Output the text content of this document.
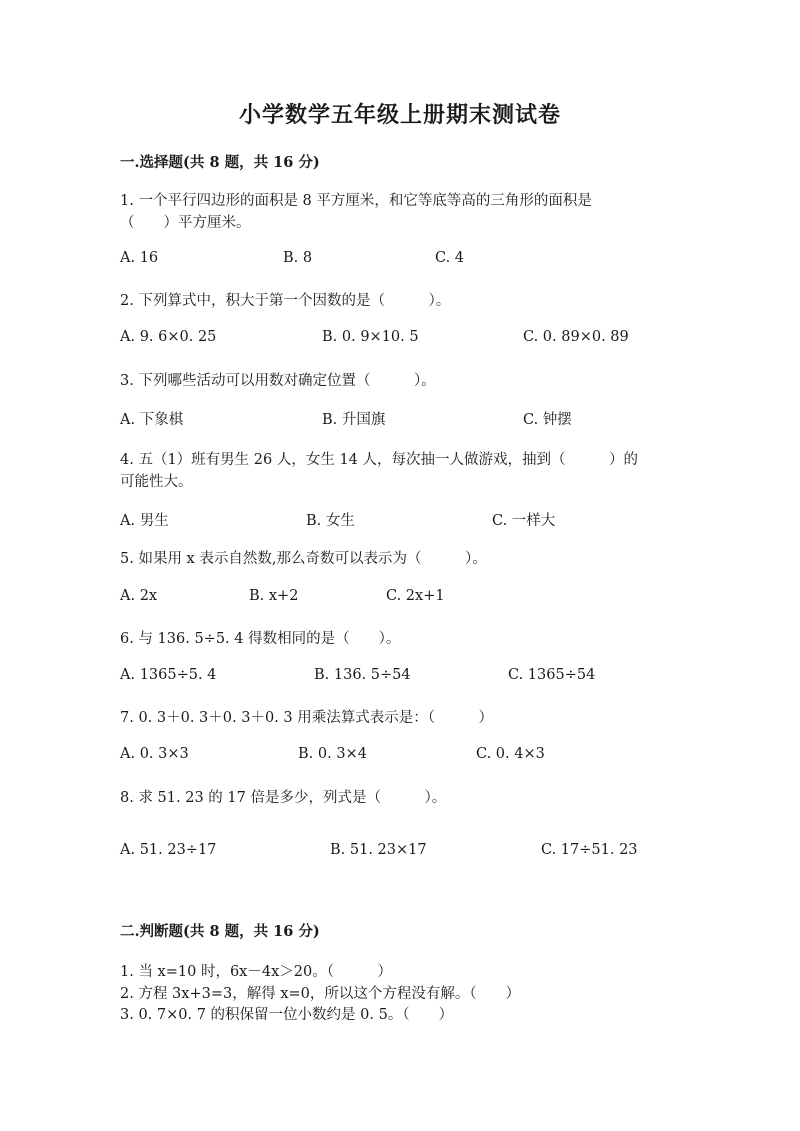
小学数学五年级上册期末测试卷
一.选择题(共 8 题，共 16 分)
1. 一个平行四边形的面积是 8 平方厘米，和它等底等高的三角形的面积是
（　　）平方厘米。
A. 16	B. 8	C. 4
2. 下列算式中，积大于第一个因数的是（　　　）。
A. 9. 6×0. 25	B. 0. 9×10. 5	C. 0. 89×0. 89
3. 下列哪些活动可以用数对确定位置（　　　）。
A. 下象棋	B. 升国旗	C. 钟摆
4. 五（1）班有男生 26 人，女生 14 人，每次抽一人做游戏，抽到（　　　）的
可能性大。
A. 男生	B. 女生	C. 一样大
5. 如果用 x 表示自然数,那么奇数可以表示为（　　　）。
A. 2x	B. x+2	C. 2x+1
6. 与 136. 5÷5. 4 得数相同的是（　　）。
A. 1365÷5. 4	B. 136. 5÷54	C. 1365÷54
7. 0. 3＋0. 3＋0. 3＋0. 3 用乘法算式表示是：（　　　）
A. 0. 3×3	B. 0. 3×4	C. 0. 4×3
8. 求 51. 23 的 17 倍是多少，列式是（　　　）。
A. 51. 23÷17	B. 51. 23×17	C. 17÷51. 23
二.判断题(共 8 题，共 16 分)
1. 当 x=10 时，6x－4x＞20。（　　　）
2. 方程 3x+3=3，解得 x=0，所以这个方程没有解。（　　）
3. 0. 7×0. 7 的积保留一位小数约是 0. 5。（　　）
